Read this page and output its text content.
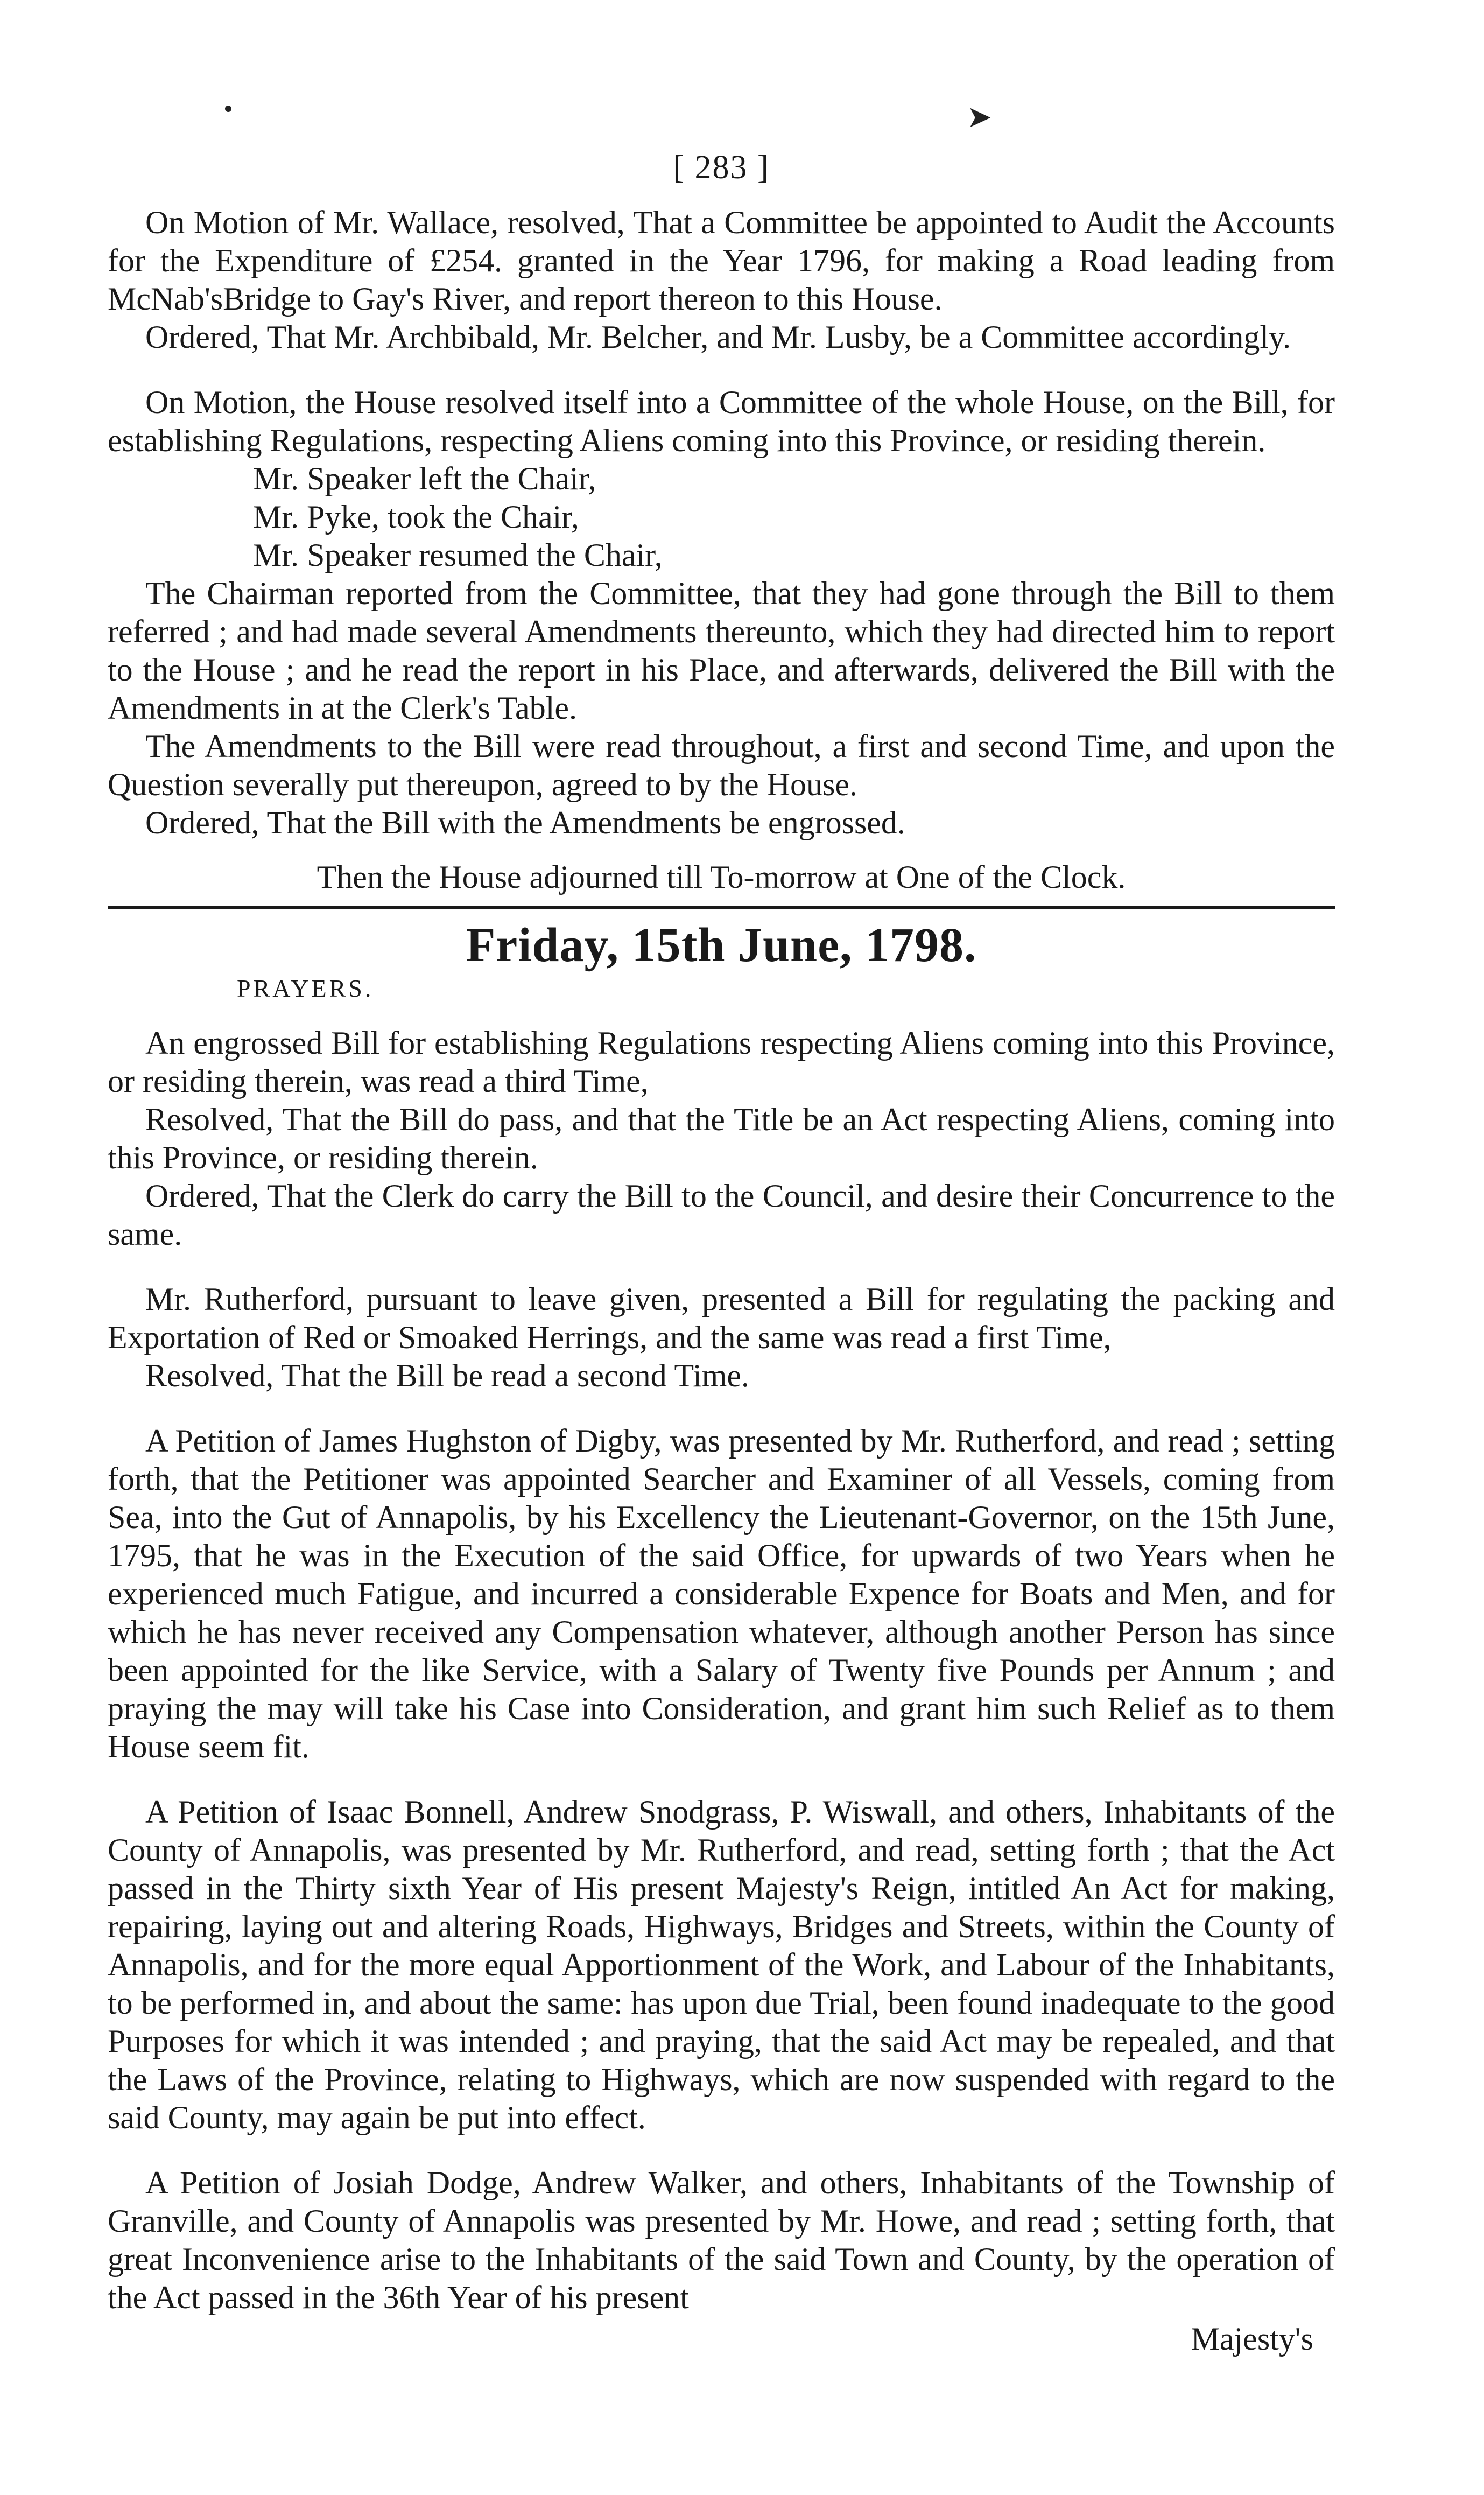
➤
[ 283 ]

On Motion of Mr. Wallace, resolved, That a Committee be appointed to Audit the Accounts for the Expenditure of £254. granted in the Year 1796, for making a Road leading from McNab'sBridge to Gay's River, and report thereon to this House.

Ordered, That Mr. Archbibald, Mr. Belcher, and Mr. Lusby, be a Committee accordingly.

On Motion, the House resolved itself into a Committee of the whole House, on the Bill, for establishing Regulations, respecting Aliens coming into this Province, or residing therein.

Mr. Speaker left the Chair,

Mr. Pyke, took the Chair,

Mr. Speaker resumed the Chair,

The Chairman reported from the Committee, that they had gone through the Bill to them referred ; and had made several Amendments thereunto, which they had directed him to report to the House ; and he read the report in his Place, and afterwards, delivered the Bill with the Amendments in at the Clerk's Table.

The Amendments to the Bill were read throughout, a first and second Time, and upon the Question severally put thereupon, agreed to by the House.

Ordered, That the Bill with the Amendments be engrossed.

Then the House adjourned till To-morrow at One of the Clock.

Friday, 15th June, 1798.
PRAYERS.

An engrossed Bill for establishing Regulations respecting Aliens coming into this Province, or residing therein, was read a third Time,

Resolved, That the Bill do pass, and that the Title be an Act respecting Aliens, coming into this Province, or residing therein.

Ordered, That the Clerk do carry the Bill to the Council, and desire their Concurrence to the same.

Mr. Rutherford, pursuant to leave given, presented a Bill for regulating the packing and Exportation of Red or Smoaked Herrings, and the same was read a first Time,

Resolved, That the Bill be read a second Time.

A Petition of James Hughston of Digby, was presented by Mr. Rutherford, and read ; setting forth, that the Petitioner was appointed Searcher and Examiner of all Vessels, coming from Sea, into the Gut of Annapolis, by his Excellency the Lieutenant-Governor, on the 15th June, 1795, that he was in the Execution of the said Office, for upwards of two Years when he experienced much Fatigue, and incurred a considerable Expence for Boats and Men, and for which he has never received any Compensation whatever, although another Person has since been appointed for the like Service, with a Salary of Twenty five Pounds per Annum ; and praying the may will take his Case into Consideration, and grant him such Relief as to them House seem fit.

A Petition of Isaac Bonnell, Andrew Snodgrass, P. Wiswall, and others, Inhabitants of the County of Annapolis, was presented by Mr. Rutherford, and read, setting forth ; that the Act passed in the Thirty sixth Year of His present Majesty's Reign, intitled An Act for making, repairing, laying out and altering Roads, Highways, Bridges and Streets, within the County of Annapolis, and for the more equal Apportionment of the Work, and Labour of the Inhabitants, to be performed in, and about the same: has upon due Trial, been found inadequate to the good Purposes for which it was intended ; and praying, that the said Act may be repealed, and that the Laws of the Province, relating to Highways, which are now suspended with regard to the said County, may again be put into effect.

A Petition of Josiah Dodge, Andrew Walker, and others, Inhabitants of the Township of Granville, and County of Annapolis was presented by Mr. Howe, and read ; setting forth, that great Inconvenience arise to the Inhabitants of the said Town and County, by the operation of the Act passed in the 36th Year of his present

Majesty's
